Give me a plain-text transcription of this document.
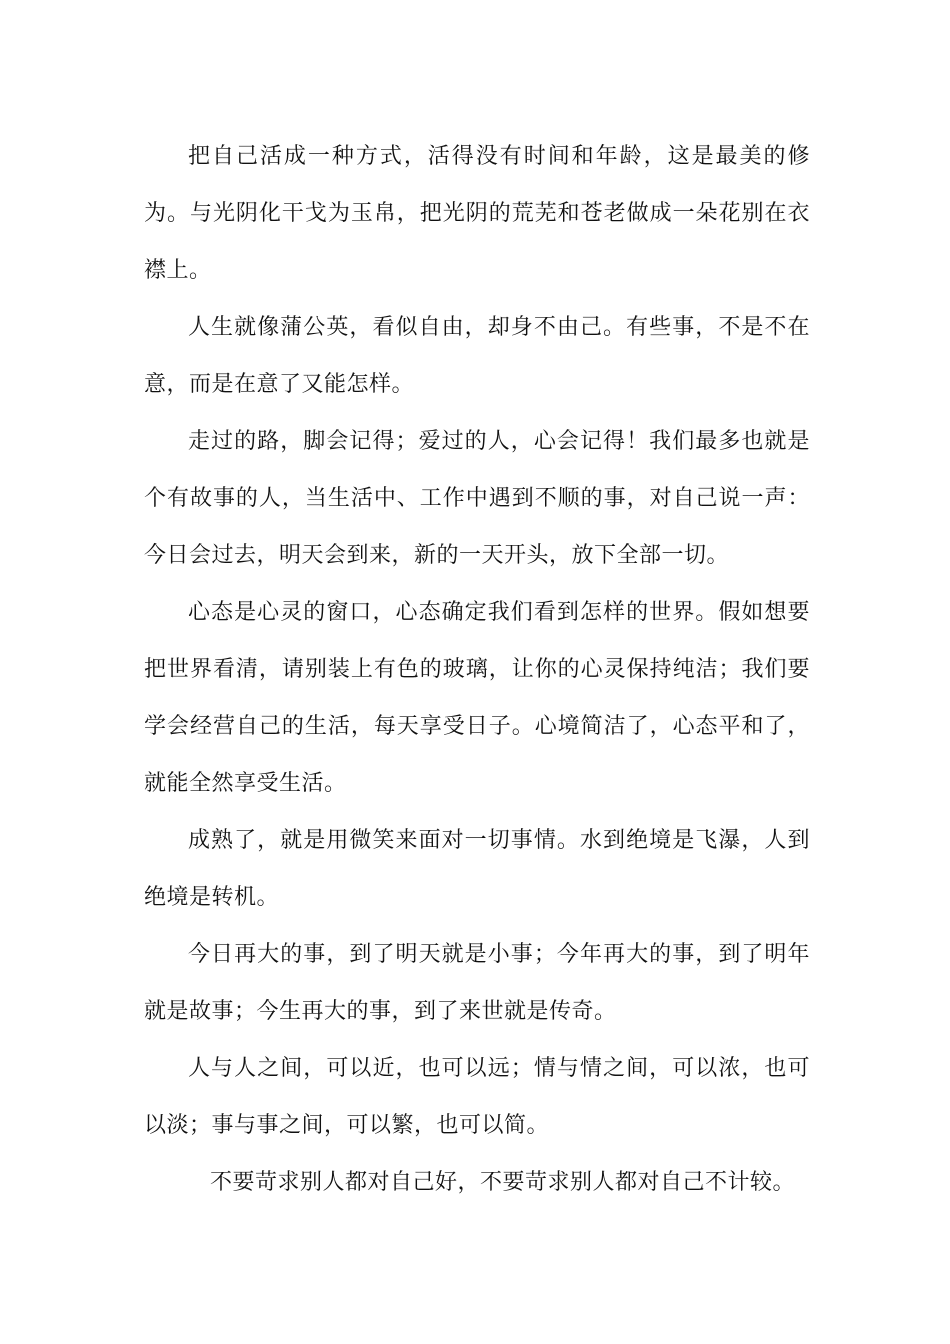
把自己活成一种方式，活得没有时间和年龄，这是最美的修为。与光阴化干戈为玉帛，把光阴的荒芜和苍老做成一朵花别在衣襟上。

人生就像蒲公英，看似自由，却身不由己。有些事，不是不在意，而是在意了又能怎样。

走过的路，脚会记得；爱过的人，心会记得！我们最多也就是个有故事的人，当生活中、工作中遇到不顺的事，对自己说一声：今日会过去，明天会到来，新的一天开头，放下全部一切。

心态是心灵的窗口，心态确定我们看到怎样的世界。假如想要把世界看清，请别装上有色的玻璃，让你的心灵保持纯洁；我们要学会经营自己的生活，每天享受日子。心境简洁了，心态平和了，就能全然享受生活。

成熟了，就是用微笑来面对一切事情。水到绝境是飞瀑，人到绝境是转机。

今日再大的事，到了明天就是小事；今年再大的事，到了明年就是故事；今生再大的事，到了来世就是传奇。

人与人之间，可以近，也可以远；情与情之间，可以浓，也可以淡；事与事之间，可以繁，也可以简。

不要苛求别人都对自己好，不要苛求别人都对自己不计较。
